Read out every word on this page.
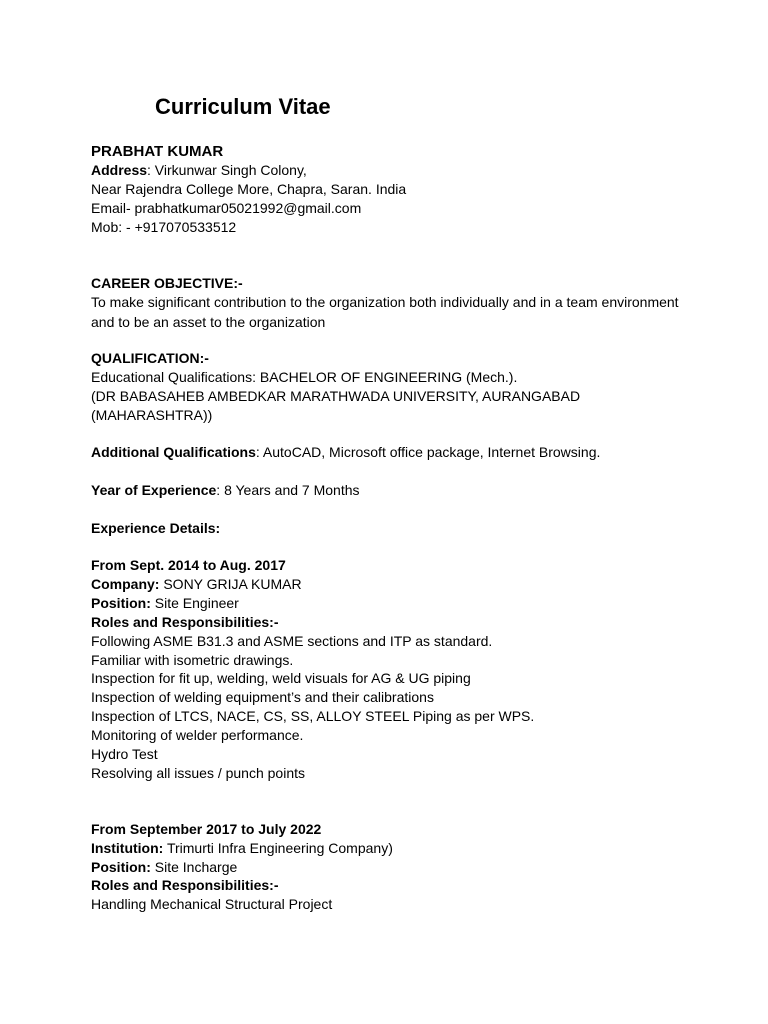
Curriculum Vitae
PRABHAT KUMAR
Address: Virkunwar Singh Colony,
Near Rajendra College More, Chapra, Saran. India
Email- prabhatkumar05021992@gmail.com
Mob: - +917070533512
CAREER OBJECTIVE:-
To make significant contribution to the organization both individually and in a team environment
and to be an asset to the organization
QUALIFICATION:-
Educational Qualifications: BACHELOR OF ENGINEERING (Mech.).
(DR BABASAHEB AMBEDKAR MARATHWADA UNIVERSITY, AURANGABAD
(MAHARASHTRA))
Additional Qualifications: AutoCAD, Microsoft office package, Internet Browsing.
Year of Experience: 8 Years and 7 Months
Experience Details:
From Sept. 2014 to Aug. 2017
Company: SONY GRIJA KUMAR
Position: Site Engineer
Roles and Responsibilities:-
Following ASME B31.3 and ASME sections and ITP as standard.
Familiar with isometric drawings.
Inspection for fit up, welding, weld visuals for AG & UG piping
Inspection of welding equipment’s and their calibrations
Inspection of LTCS, NACE, CS, SS, ALLOY STEEL Piping as per WPS.
Monitoring of welder performance.
Hydro Test
Resolving all issues / punch points
From September 2017 to July 2022
Institution: Trimurti Infra Engineering Company)
Position: Site Incharge
Roles and Responsibilities:-
Handling Mechanical Structural Project
